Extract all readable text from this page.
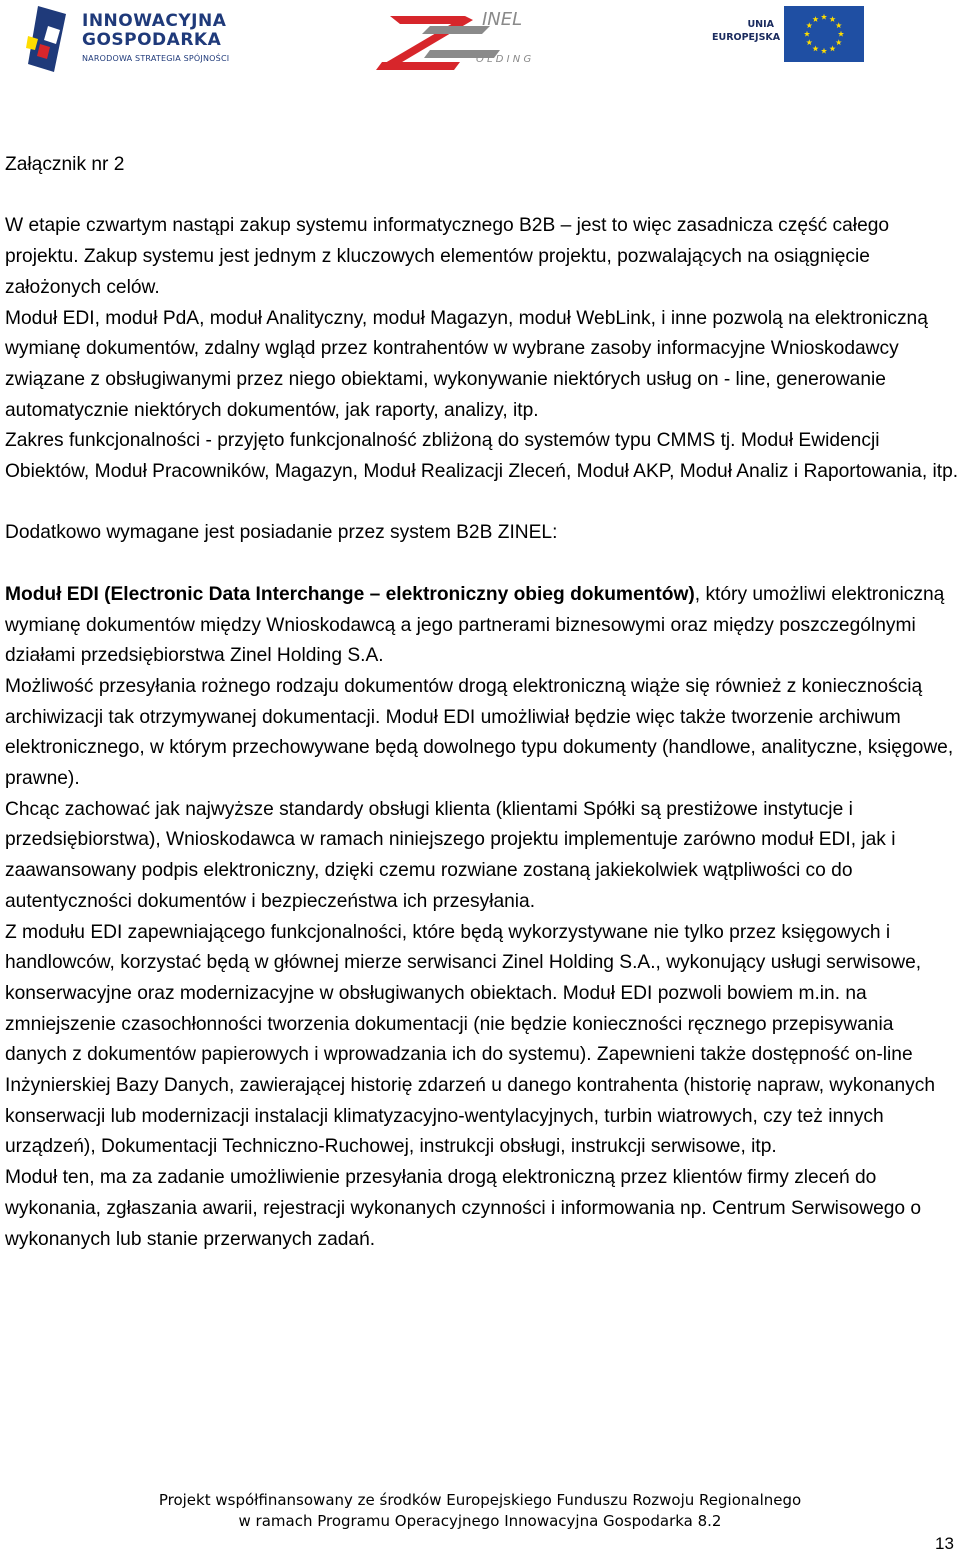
INNOWACYJNA
GOSPODARKA
NARODOWA STRATEGIA SPÓJNOŚCI
INEL
O L D I N G
UNIA
EUROPEJSKA

Załącznik nr 2

W etapie czwartym nastąpi zakup systemu informatycznego B2B – jest to więc zasadnicza część całego projektu. Zakup systemu jest jednym z kluczowych elementów projektu, pozwalających na osiągnięcie założonych celów.

Moduł EDI, moduł PdA, moduł Analityczny, moduł Magazyn, moduł WebLink, i inne pozwolą na elektroniczną wymianę dokumentów, zdalny wgląd przez kontrahentów w wybrane zasoby informacyjne Wnioskodawcy związane z obsługiwanymi przez niego obiektami, wykonywanie niektórych usług on - line, generowanie automatycznie niektórych dokumentów, jak raporty, analizy, itp.

Zakres funkcjonalności - przyjęto funkcjonalność zbliżoną do systemów typu CMMS tj. Moduł Ewidencji Obiektów, Moduł Pracowników, Magazyn, Moduł Realizacji Zleceń, Moduł AKP, Moduł Analiz i Raportowania, itp.

Dodatkowo wymagane jest posiadanie przez system B2B ZINEL:

Moduł EDI (Electronic Data Interchange – elektroniczny obieg dokumentów), który umożliwi elektroniczną wymianę dokumentów między Wnioskodawcą a jego partnerami biznesowymi oraz między poszczególnymi działami przedsiębiorstwa Zinel Holding S.A.

Możliwość przesyłania rożnego rodzaju dokumentów drogą elektroniczną wiąże się również z koniecznością archiwizacji tak otrzymywanej dokumentacji. Moduł EDI umożliwiał będzie więc także tworzenie archiwum elektronicznego, w którym przechowywane będą dowolnego typu dokumenty (handlowe, analityczne, księgowe, prawne).

Chcąc zachować jak najwyższe standardy obsługi klienta (klientami Spółki są prestiżowe instytucje i przedsiębiorstwa), Wnioskodawca w ramach niniejszego projektu implementuje zarówno moduł EDI, jak i zaawansowany podpis elektroniczny, dzięki czemu rozwiane zostaną jakiekolwiek wątpliwości co do autentyczności dokumentów i bezpieczeństwa ich przesyłania.

Z modułu EDI zapewniającego funkcjonalności, które będą wykorzystywane nie tylko przez księgowych i handlowców, korzystać będą w głównej mierze serwisanci Zinel Holding S.A., wykonujący usługi serwisowe, konserwacyjne oraz modernizacyjne w obsługiwanych obiektach. Moduł EDI pozwoli bowiem m.in. na zmniejszenie czasochłonności tworzenia dokumentacji (nie będzie konieczności ręcznego przepisywania danych z dokumentów papierowych i wprowadzania ich do systemu). Zapewnieni także dostępność on-line Inżynierskiej Bazy Danych, zawierającej historię zdarzeń u danego kontrahenta (historię napraw, wykonanych konserwacji lub modernizacji instalacji klimatyzacyjno-wentylacyjnych, turbin wiatrowych, czy też innych urządzeń), Dokumentacji Techniczno-Ruchowej, instrukcji obsługi, instrukcji serwisowe, itp.

Moduł ten, ma za zadanie umożliwienie przesyłania drogą elektroniczną przez klientów firmy zleceń do wykonania, zgłaszania awarii, rejestracji wykonanych czynności i informowania np. Centrum Serwisowego o wykonanych lub stanie przerwanych zadań.

Projekt współfinansowany ze środków Europejskiego Funduszu Rozwoju Regionalnego
w ramach Programu Operacyjnego Innowacyjna Gospodarka 8.2
13
